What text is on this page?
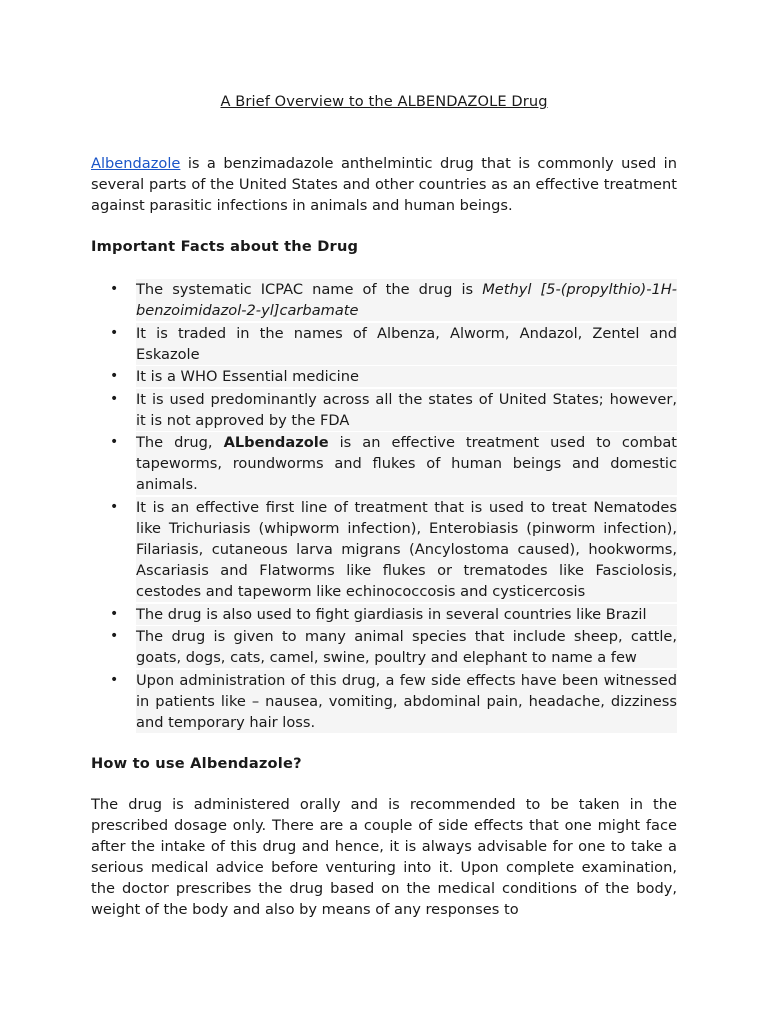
A Brief Overview to the ALBENDAZOLE Drug

Albendazole is a benzimadazole anthelmintic drug that is commonly used in several parts of the United States and other countries as an effective treatment against parasitic infections in animals and human beings.

Important Facts about the Drug

• The systematic ICPAC name of the drug is Methyl [5-(propylthio)-1H-benzoimidazol-2-yl]carbamate
• It is traded in the names of Albenza, Alworm, Andazol, Zentel and Eskazole
• It is a WHO Essential medicine
• It is used predominantly across all the states of United States; however, it is not approved by the FDA
• The drug, ALbendazole is an effective treatment used to combat tapeworms, roundworms and flukes of human beings and domestic animals.
• It is an effective first line of treatment that is used to treat Nematodes like Trichuriasis (whipworm infection), Enterobiasis (pinworm infection), Filariasis, cutaneous larva migrans (Ancylostoma caused), hookworms, Ascariasis and Flatworms like flukes or trematodes like Fasciolosis, cestodes and tapeworm like echinococcosis and cysticercosis
• The drug is also used to fight giardiasis in several countries like Brazil
• The drug is given to many animal species that include sheep, cattle, goats, dogs, cats, camel, swine, poultry and elephant to name a few
• Upon administration of this drug, a few side effects have been witnessed in patients like – nausea, vomiting, abdominal pain, headache, dizziness and temporary hair loss.

How to use Albendazole?

The drug is administered orally and is recommended to be taken in the prescribed dosage only. There are a couple of side effects that one might face after the intake of this drug and hence, it is always advisable for one to take a serious medical advice before venturing into it. Upon complete examination, the doctor prescribes the drug based on the medical conditions of the body, weight of the body and also by means of any responses to
